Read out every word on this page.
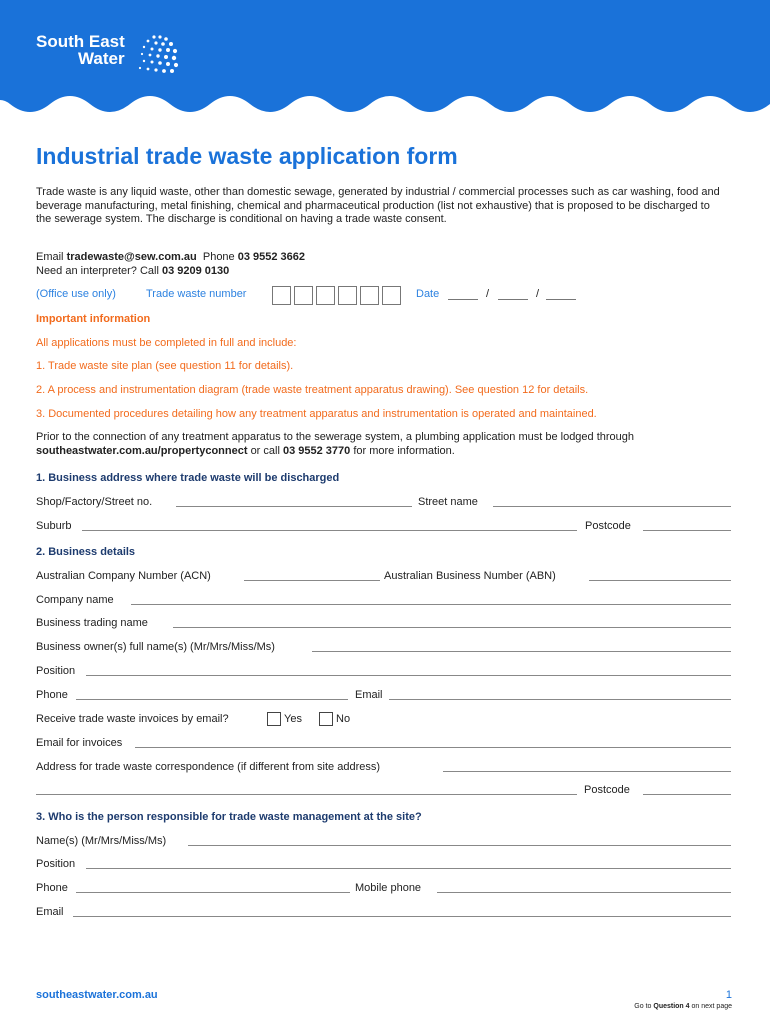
South East
Water
Industrial trade waste application form

Trade waste is any liquid waste, other than domestic sewage, generated by industrial / commercial processes such as car washing, food and beverage manufacturing, metal finishing, chemical and pharmaceutical production (list not exhaustive) that is proposed to be discharged to the sewerage system. The discharge is conditional on having a trade waste consent.

Email tradewaste@sew.com.au Phone 03 9552 3662
Need an interpreter? Call 03 9209 0130

(Office use only)	Trade waste number	Date	/	/

Important information

All applications must be completed in full and include:

1. Trade waste site plan (see question 11 for details).

2. A process and instrumentation diagram (trade waste treatment apparatus drawing). See question 12 for details.

3. Documented procedures detailing how any treatment apparatus and instrumentation is operated and maintained.

Prior to the connection of any treatment apparatus to the sewerage system, a plumbing application must be lodged through southeastwater.com.au/propertyconnect or call 03 9552 3770 for more information.

1. Business address where trade waste will be discharged

Shop/Factory/Street no.	Street name
Suburb	Postcode

2. Business details

Australian Company Number (ACN)	Australian Business Number (ABN)
Company name
Business trading name
Business owner(s) full name(s) (Mr/Mrs/Miss/Ms)
Position
Phone	Email
Receive trade waste invoices by email?	Yes	No
Email for invoices
Address for trade waste correspondence (if different from site address)
Postcode

3. Who is the person responsible for trade waste management at the site?

Name(s) (Mr/Mrs/Miss/Ms)
Position
Phone	Mobile phone
Email
southeastwater.com.au	1
Go to Question 4 on next page
